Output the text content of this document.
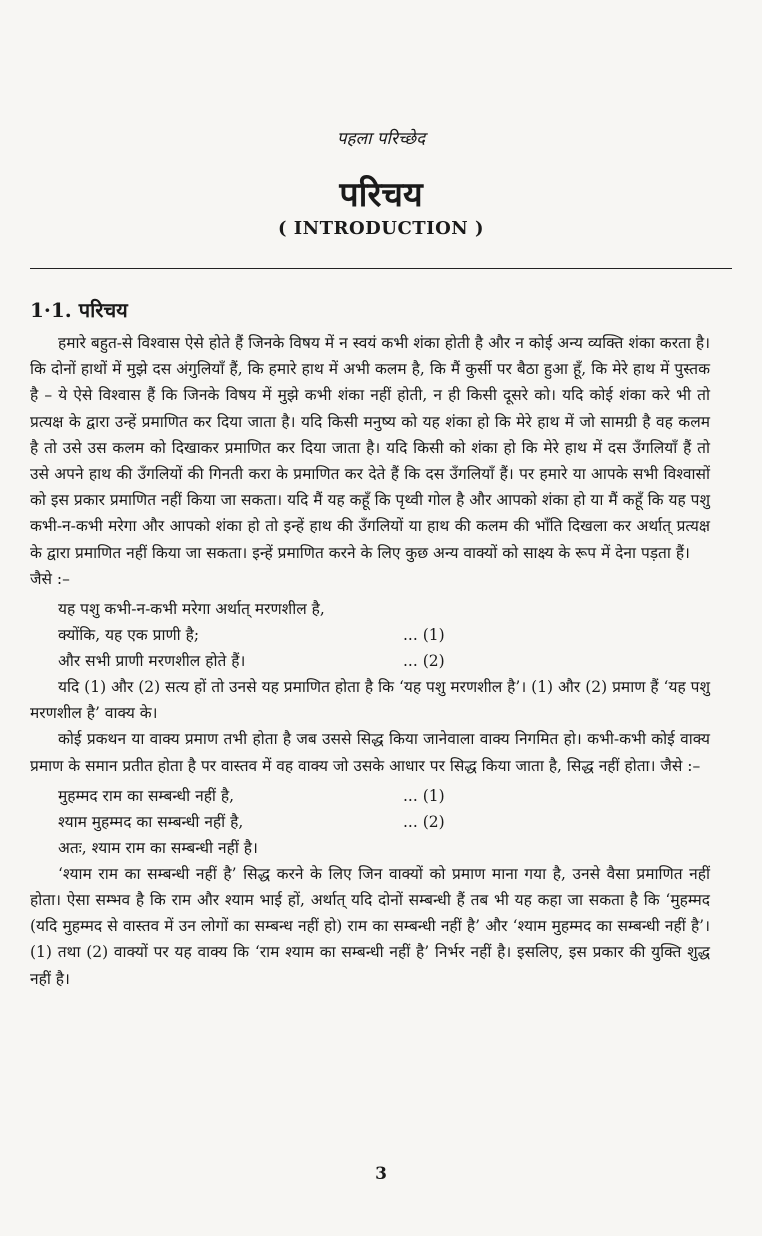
पहला परिच्छेद
परिचय
( INTRODUCTION )
1·1. परिचय

हमारे बहुत-से विश्वास ऐसे होते हैं जिनके विषय में न स्वयं कभी शंका होती है और न कोई अन्य व्यक्ति शंका करता है। कि दोनों हाथों में मुझे दस अंगुलियाँ हैं, कि हमारे हाथ में अभी कलम है, कि मैं कुर्सी पर बैठा हुआ हूँ, कि मेरे हाथ में पुस्तक है – ये ऐसे विश्वास हैं कि जिनके विषय में मुझे कभी शंका नहीं होती, न ही किसी दूसरे को। यदि कोई शंका करे भी तो प्रत्यक्ष के द्वारा उन्हें प्रमाणित कर दिया जाता है। यदि किसी मनुष्य को यह शंका हो कि मेरे हाथ में जो सामग्री है वह कलम है तो उसे उस कलम को दिखाकर प्रमाणित कर दिया जाता है। यदि किसी को शंका हो कि मेरे हाथ में दस उँगलियाँ हैं तो उसे अपने हाथ की उँगलियों की गिनती करा के प्रमाणित कर देते हैं कि दस उँगलियाँ हैं। पर हमारे या आपके सभी विश्वासों को इस प्रकार प्रमाणित नहीं किया जा सकता। यदि मैं यह कहूँ कि पृथ्वी गोल है और आपको शंका हो या मैं कहूँ कि यह पशु कभी-न-कभी मरेगा और आपको शंका हो तो इन्हें हाथ की उँगलियों या हाथ की कलम की भाँति दिखला कर अर्थात् प्रत्यक्ष के द्वारा प्रमाणित नहीं किया जा सकता। इन्हें प्रमाणित करने के लिए कुछ अन्य वाक्यों को साक्ष्य के रूप में देना पड़ता हैं।

जैसे :–

यह पशु कभी-न-कभी मरेगा अर्थात् मरणशील है,
क्योंकि, यह एक प्राणी है;	... (1)
और सभी प्राणी मरणशील होते हैं।	... (2)

यदि (1) और (2) सत्य हों तो उनसे यह प्रमाणित होता है कि ‘यह पशु मरणशील है’। (1) और (2) प्रमाण हैं ‘यह पशु मरणशील है’ वाक्य के।

कोई प्रकथन या वाक्य प्रमाण तभी होता है जब उससे सिद्ध किया जानेवाला वाक्य निगमित हो। कभी-कभी कोई वाक्य प्रमाण के समान प्रतीत होता है पर वास्तव में वह वाक्य जो उसके आधार पर सिद्ध किया जाता है, सिद्ध नहीं होता। जैसे :–

मुहम्मद राम का सम्बन्धी नहीं है,	... (1)
श्याम मुहम्मद का सम्बन्धी नहीं है,	... (2)
अतः, श्याम राम का सम्बन्धी नहीं है।

‘श्याम राम का सम्बन्धी नहीं है’ सिद्ध करने के लिए जिन वाक्यों को प्रमाण माना गया है, उनसे वैसा प्रमाणित नहीं होता। ऐसा सम्भव है कि राम और श्याम भाई हों, अर्थात् यदि दोनों सम्बन्धी हैं तब भी यह कहा जा सकता है कि ‘मुहम्मद (यदि मुहम्मद से वास्तव में उन लोगों का सम्बन्ध नहीं हो) राम का सम्बन्धी नहीं है’ और ‘श्याम मुहम्मद का सम्बन्धी नहीं है’। (1) तथा (2) वाक्यों पर यह वाक्य कि ‘राम श्याम का सम्बन्धी नहीं है’ निर्भर नहीं है। इसलिए, इस प्रकार की युक्ति शुद्ध नहीं है।

3
